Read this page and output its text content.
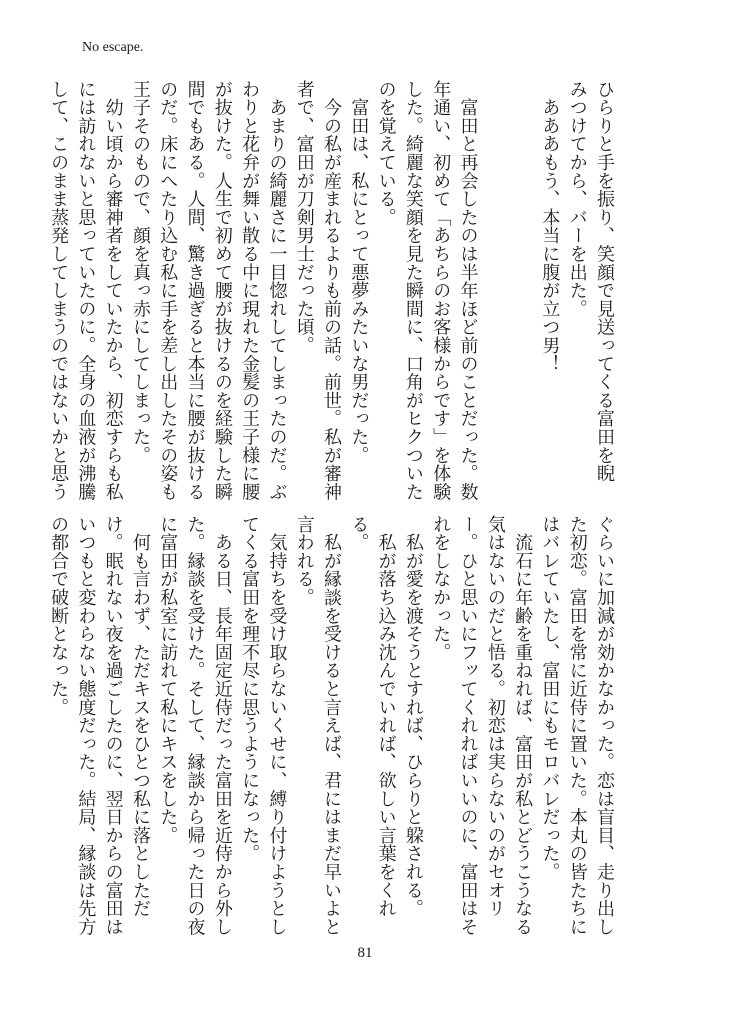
No escape.

ひらりと手を振り、笑顔で見送ってくる富田を睨

みつけてから、バーを出た。

　あああもう、本当に腹が立つ男！

　富田と再会したのは半年ほど前のことだった。数

年通い、初めて「あちらのお客様からです」を体験

した。綺麗な笑顔を見た瞬間に、口角がヒクついた

のを覚えている。

　富田は、私にとって悪夢みたいな男だった。

　今の私が産まれるよりも前の話。前世。私が審神

者で、富田が刀剣男士だった頃。

　あまりの綺麗さに一目惚れしてしまったのだ。ぶ

わりと花弁が舞い散る中に現れた金髪の王子様に腰

が抜けた。人生で初めて腰が抜けるのを経験した瞬

間でもある。人間、驚き過ぎると本当に腰が抜ける

のだ。床にへたり込む私に手を差し出したその姿も

王子そのもので、顔を真っ赤にしてしまった。

　幼い頃から審神者をしていたから、初恋すらも私

には訪れないと思っていたのに。全身の血液が沸騰

して、このまま蒸発してしまうのではないかと思う

ぐらいに加減が効かなかった。恋は盲目、走り出し

た初恋。富田を常に近侍に置いた。本丸の皆たちに

はバレていたし、富田にもモロバレだった。

　流石に年齢を重ねれば、富田が私とどうこうなる

気はないのだと悟る。初恋は実らないのがセオリ

ー。ひと思いにフッてくれればいいのに、富田はそ

れをしなかった。

　私が愛を渡そうとすれば、ひらりと躱される。

　私が落ち込み沈んでいれば、欲しい言葉をくれ

る。

　私が縁談を受けると言えば、君にはまだ早いよと

言われる。

　気持ちを受け取らないくせに、縛り付けようとし

てくる富田を理不尽に思うようになった。

　ある日、長年固定近侍だった富田を近侍から外し

た。縁談を受けた。そして、縁談から帰った日の夜

に富田が私室に訪れて私にキスをした。

　何も言わず、ただキスをひとつ私に落としただ

け。眠れない夜を過ごしたのに、翌日からの富田は

いつもと変わらない態度だった。結局、縁談は先方

の都合で破断となった。

81
